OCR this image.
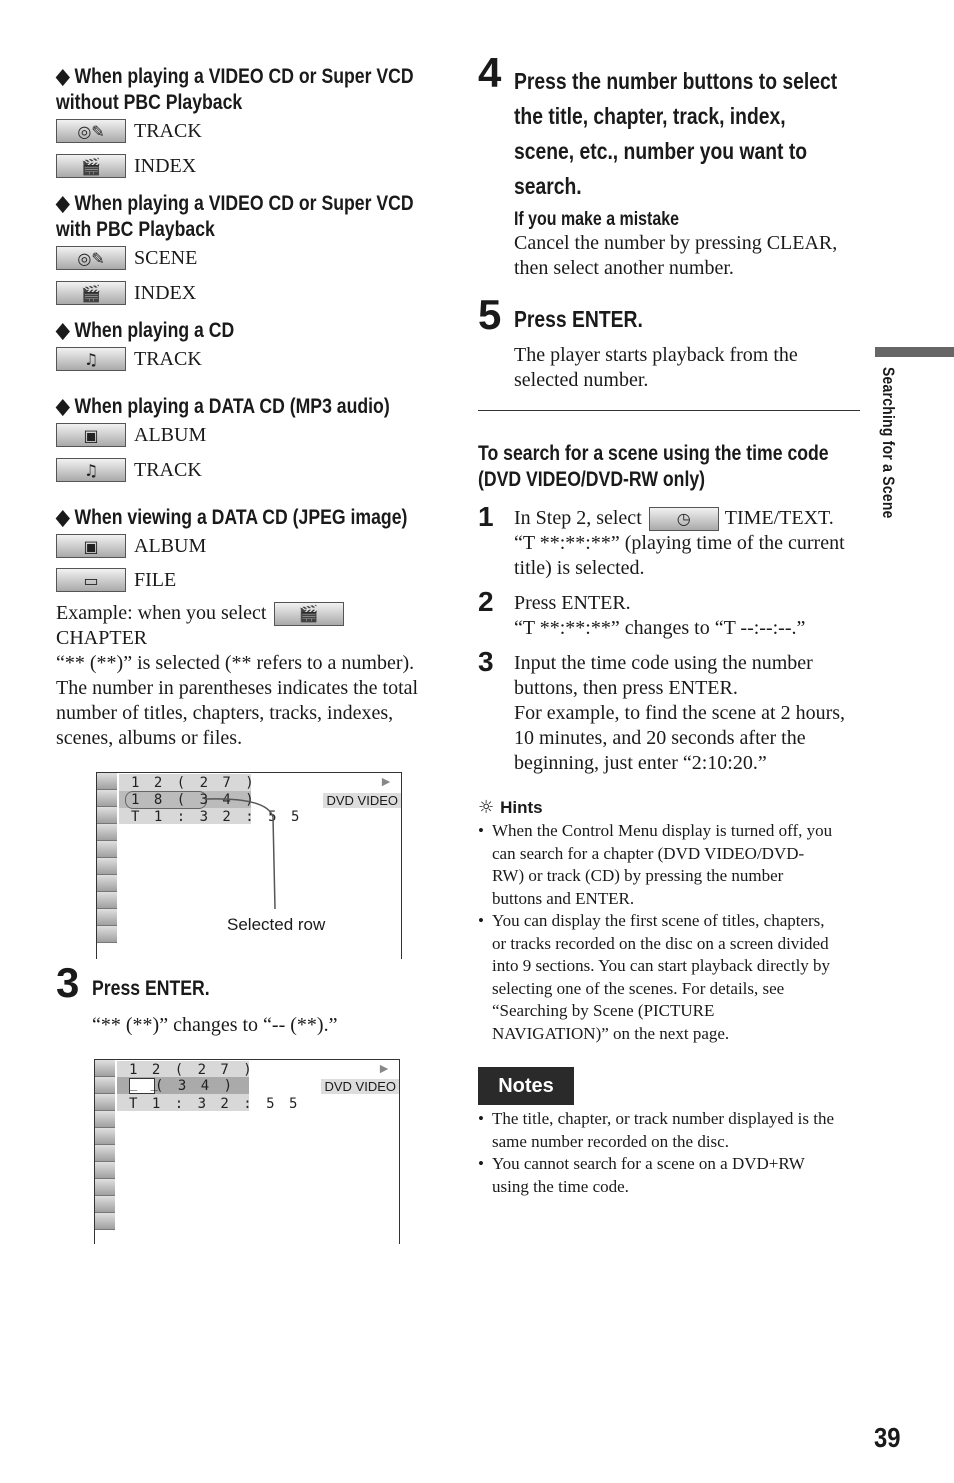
◆ When playing a VIDEO CD or Super VCD
without PBC Playback
◎✎ TRACK
🎬 INDEX
◆ When playing a VIDEO CD or Super VCD
with PBC Playback
◎✎ SCENE
🎬 INDEX
◆ When playing a CD
♫ TRACK
◆ When playing a DATA CD (MP3 audio)
▣ ALBUM
♫ TRACK
◆ When viewing a DATA CD (JPEG image)
▣ ALBUM
▭ FILE
Example: when you select 🎬
CHAPTER
“** (**)” is selected (** refers to a number).
The number in parentheses indicates the total
number of titles, chapters, tracks, indexes,
scenes, albums or files.
1 2 ( 2 7 )
1 8 ( 3 4 )
T 1 : 3 2 : 5 5
►
DVD VIDEO
Selected row
3 Press ENTER.
“** (**)” changes to “-- (**).”
1 2 ( 2 7 )
_ _
( 3 4 )
T 1 : 3 2 : 5 5
►
DVD VIDEO
4 Press the number buttons to select
the title, chapter, track, index,
scene, etc., number you want to
search.
If you make a mistake
Cancel the number by pressing CLEAR,
then select another number.
5 Press ENTER.
The player starts playback from the
selected number.
To search for a scene using the time code
(DVD VIDEO/DVD-RW only)
1 In Step 2, select ◷ TIME/TEXT.
“T **:**:**” (playing time of the current
title) is selected.
2 Press ENTER.
“T **:**:**” changes to “T --:--:--.”
3 Input the time code using the number
buttons, then press ENTER.
For example, to find the scene at 2 hours,
10 minutes, and 20 seconds after the
beginning, just enter “2:10:20.”
☼ Hints
• When the Control Menu display is turned off, you
can search for a chapter (DVD VIDEO/DVD-
RW) or track (CD) by pressing the number
buttons and ENTER.
• You can display the first scene of titles, chapters,
or tracks recorded on the disc on a screen divided
into 9 sections. You can start playback directly by
selecting one of the scenes. For details, see
“Searching by Scene (PICTURE
NAVIGATION)” on the next page.
Notes
• The title, chapter, or track number displayed is the
same number recorded on the disc.
• You cannot search for a scene on a DVD+RW
using the time code.
Searching for a Scene
39
